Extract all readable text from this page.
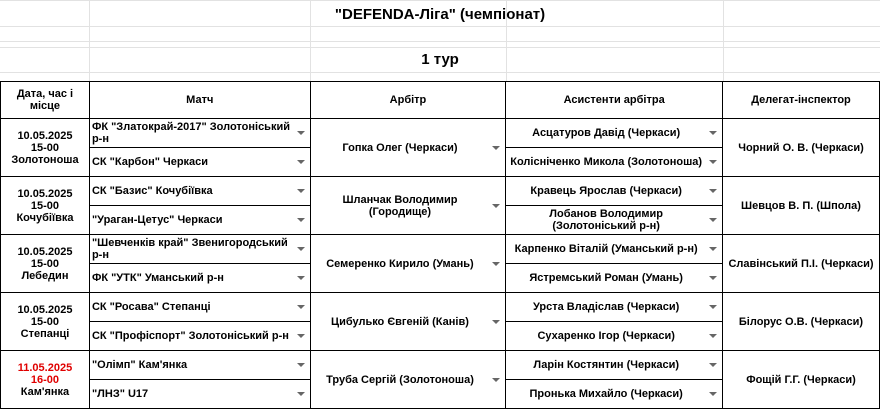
"DEFENDA-Ліга" (чемпіонат)
1 тур
Дата, час і місце	Матч	Арбітр	Асистенти арбітра	Делегат-інспектор

10.05.2025
15-00
Золотоноша	ФК "Златокрай-2017" Золотоніський р-н	Гопка Олег (Черкаси)	Асцатуров Давід (Черкаси)	Чорний О. В. (Черкаси)
	СК "Карбон" Черкаси		Колісніченко Микола (Золотоноша)	

10.05.2025
15-00
Кочубіївка	СК "Базис" Кочубіївка	Шланчак Володимир (Городище)	Кравець Ярослав (Черкаси)	Шевцов В. П. (Шпола)
	"Ураган-Цетус" Черкаси		Лобанов Володимир (Золотоніський р-н)	

10.05.2025
15-00
Лебедин	"Шевченків край" Звенигородський р-н	Семеренко Кирило (Умань)	Карпенко Віталій (Уманський р-н)	Славінський П.І. (Черкаси)
	ФК "УТК" Уманський р-н		Ястремський Роман (Умань)	

10.05.2025
15-00
Степанці	СК "Росава" Степанці	Цибулько Євгеній (Канів)	Урста Владіслав (Черкаси)	Білорус О.В. (Черкаси)
	СК "Профіспорт" Золотоніський р-н		Сухаренко Ігор (Черкаси)	

11.05.2025
16-00
Кам'янка	"Олімп" Кам'янка	Труба Сергій (Золотоноша)	Ларін Костянтин (Черкаси)	Фощій Г.Г. (Черкаси)
	"ЛНЗ" U17		Пронька Михайло (Черкаси)	
